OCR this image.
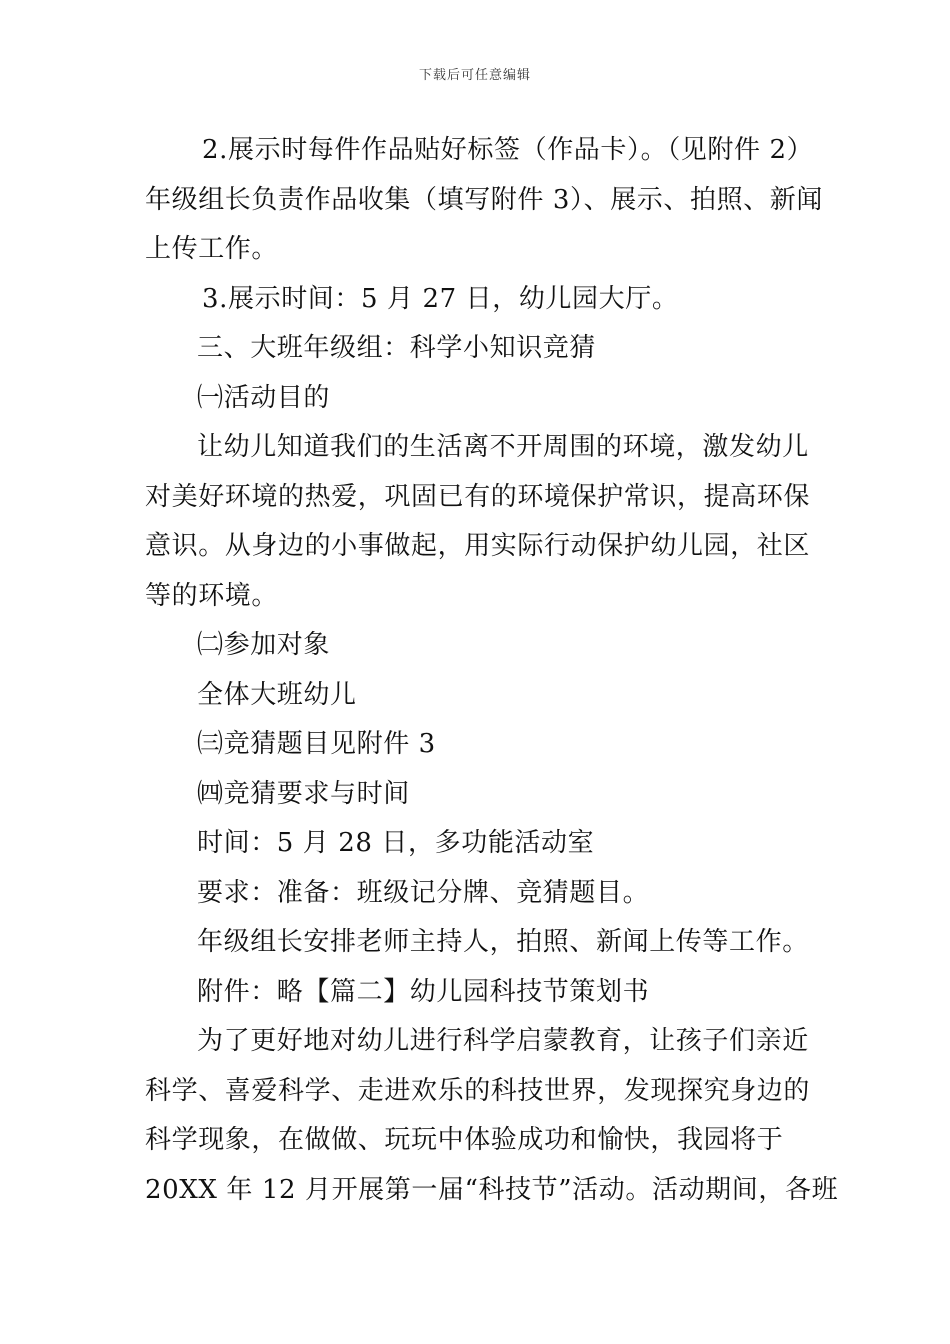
下载后可任意编辑

2.展示时每件作品贴好标签（作品卡）。（见附件 2）

年级组长负责作品收集（填写附件 3）、展示、拍照、新闻

上传工作。

3.展示时间：5 月 27 日，幼儿园大厅。

三、大班年级组：科学小知识竞猜

㈠活动目的

让幼儿知道我们的生活离不开周围的环境，激发幼儿

对美好环境的热爱，巩固已有的环境保护常识，提高环保

意识。从身边的小事做起，用实际行动保护幼儿园，社区

等的环境。

㈡参加对象

全体大班幼儿

㈢竞猜题目见附件 3

㈣竞猜要求与时间

时间：5 月 28 日，多功能活动室

要求：准备：班级记分牌、竞猜题目。

年级组长安排老师主持人，拍照、新闻上传等工作。

附件：略【篇二】幼儿园科技节策划书

为了更好地对幼儿进行科学启蒙教育，让孩子们亲近

科学、喜爱科学、走进欢乐的科技世界，发现探究身边的

科学现象，在做做、玩玩中体验成功和愉快，我园将于

20XX 年 12 月开展第一届“科技节”活动。活动期间，各班
